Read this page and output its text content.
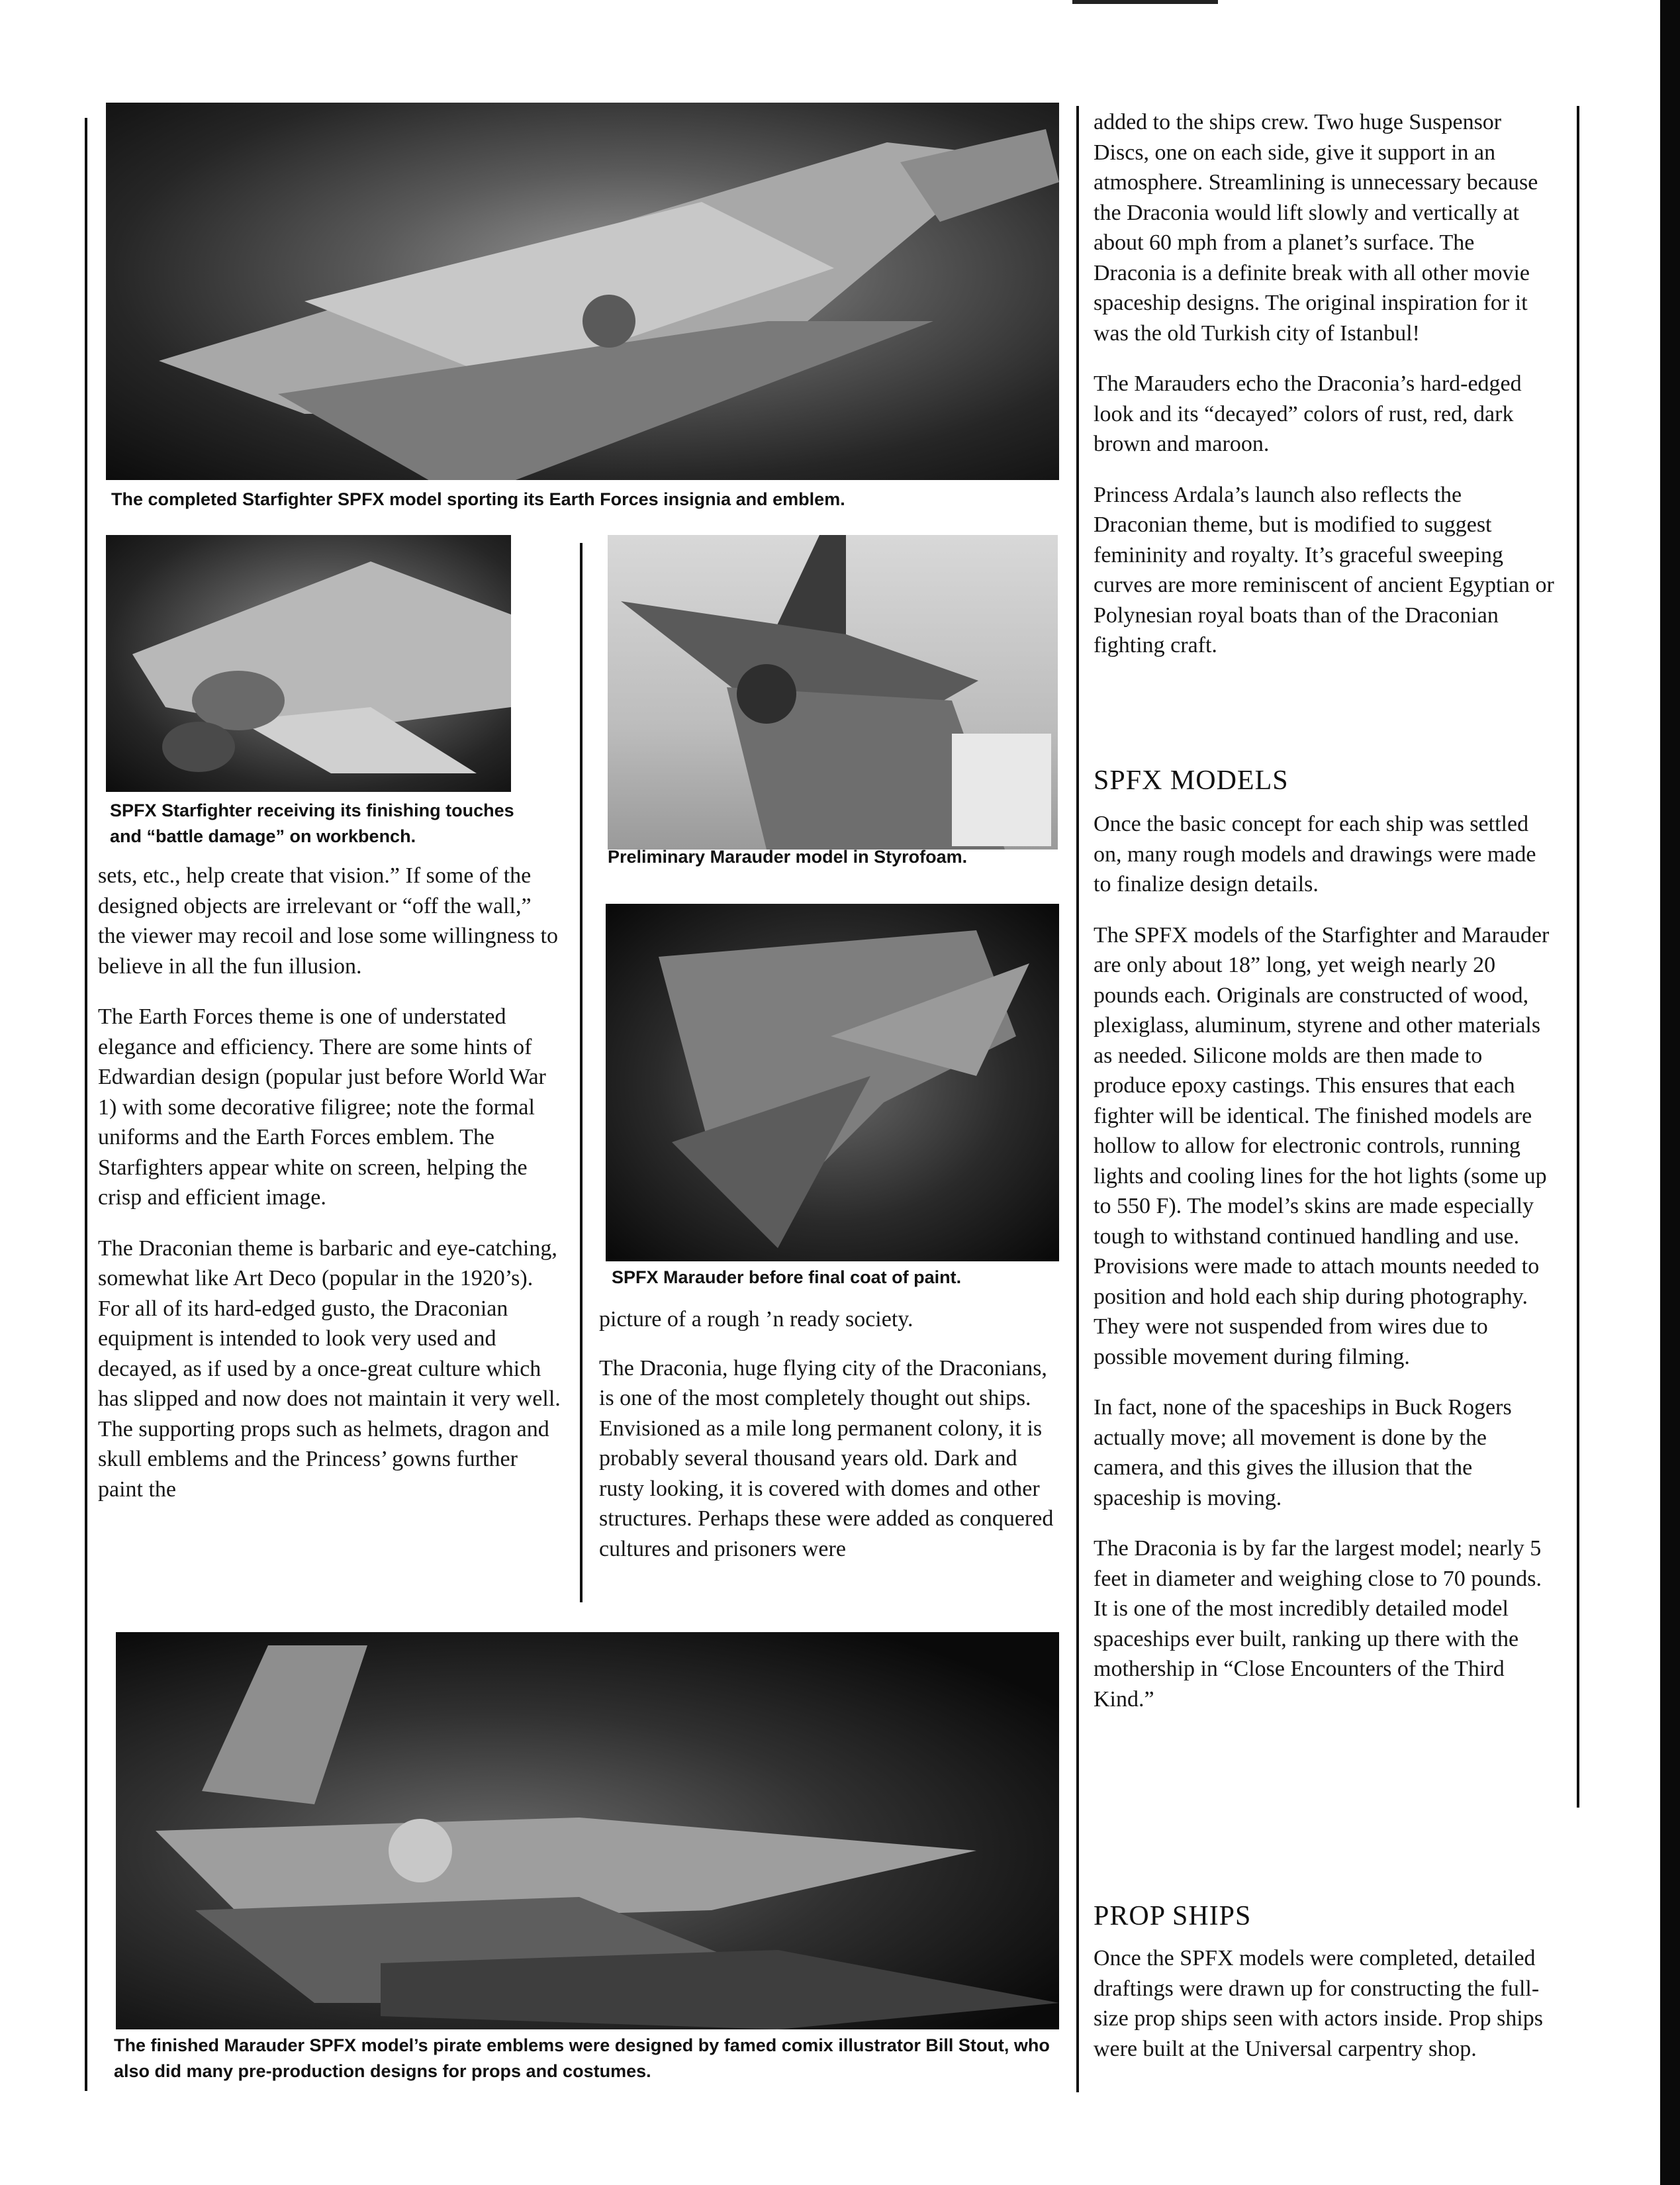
The completed Starfighter SPFX model sporting its Earth Forces insignia and emblem.

SPFX Starfighter receiving its finishing touches and “battle damage” on workbench.

Preliminary Marauder model in Styrofoam.

SPFX Marauder before final coat of paint.

The finished Marauder SPFX model’s pirate emblems were designed by famed comix illustrator Bill Stout, who also did many pre-production designs for props and costumes.

sets, etc., help create that vision.” If some of the designed objects are irrelevant or “off the wall,” the viewer may recoil and lose some willingness to believe in all the fun illusion.

The Earth Forces theme is one of understated elegance and efficiency. There are some hints of Edwardian design (popular just before World War 1) with some decorative filigree; note the formal uniforms and the Earth Forces emblem. The Starfighters appear white on screen, helping the crisp and efficient image.

The Draconian theme is barbaric and eye-catching, somewhat like Art Deco (popular in the 1920’s). For all of its hard-edged gusto, the Draconian equipment is intended to look very used and decayed, as if used by a once-great culture which has slipped and now does not maintain it very well. The supporting props such as helmets, dragon and skull emblems and the Princess’ gowns further paint the

picture of a rough ’n ready society.

The Draconia, huge flying city of the Draconians, is one of the most completely thought out ships. Envisioned as a mile long permanent colony, it is probably several thousand years old. Dark and rusty looking, it is covered with domes and other structures. Perhaps these were added as conquered cultures and prisoners were

added to the ships crew. Two huge Suspensor Discs, one on each side, give it support in an atmosphere. Streamlining is unnecessary because the Draconia would lift slowly and vertically at about 60 mph from a planet’s surface. The Draconia is a definite break with all other movie spaceship designs. The original inspiration for it was the old Turkish city of Istanbul!

The Marauders echo the Draconia’s hard-edged look and its “decayed” colors of rust, red, dark brown and maroon.

Princess Ardala’s launch also reflects the Draconian theme, but is modified to suggest femininity and royalty. It’s graceful sweeping curves are more reminiscent of ancient Egyptian or Polynesian royal boats than of the Draconian fighting craft.

SPFX MODELS

Once the basic concept for each ship was settled on, many rough models and drawings were made to finalize design details.

The SPFX models of the Starfighter and Marauder are only about 18” long, yet weigh nearly 20 pounds each. Originals are constructed of wood, plexiglass, aluminum, styrene and other materials as needed. Silicone molds are then made to produce epoxy castings. This ensures that each fighter will be identical. The finished models are hollow to allow for electronic controls, running lights and cooling lines for the hot lights (some up to 550 F). The model’s skins are made especially tough to withstand continued handling and use. Provisions were made to attach mounts needed to position and hold each ship during photography. They were not suspended from wires due to possible movement during filming.

In fact, none of the spaceships in Buck Rogers actually move; all movement is done by the camera, and this gives the illusion that the spaceship is moving.

The Draconia is by far the largest model; nearly 5 feet in diameter and weighing close to 70 pounds. It is one of the most incredibly detailed model spaceships ever built, ranking up there with the mothership in “Close Encounters of the Third Kind.”

PROP SHIPS

Once the SPFX models were completed, detailed draftings were drawn up for constructing the full-size prop ships seen with actors inside. Prop ships were built at the Universal carpentry shop.
